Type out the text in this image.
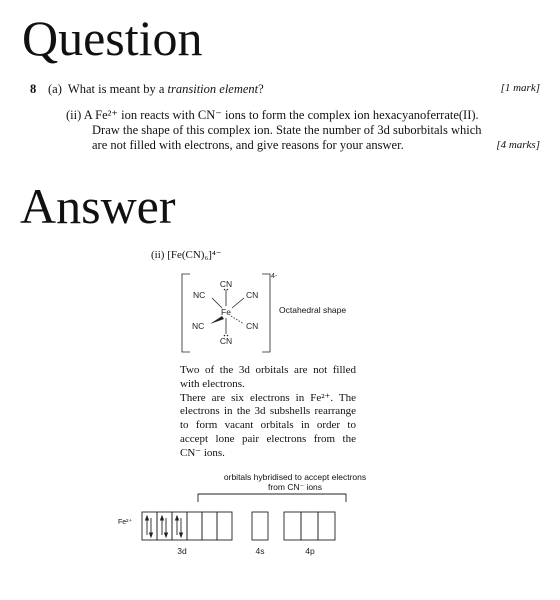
Question
8 (a) What is meant by a transition element?	[1 mark]
(ii) A Fe²⁺ ion reacts with CN⁻ ions to form the complex ion hexacyanoferrate(II).
Draw the shape of this complex ion. State the number of 3d suborbitals which
are not filled with electrons, and give reasons for your answer.	[4 marks]
Answer
(ii) [Fe(CN)₆]⁴⁻
4-
CN
CN
NC	CN
NC	CN
Fe	Octahedral shape
Two of the 3d orbitals are not filled with electrons.
There are six electrons in Fe²⁺. The electrons in the 3d subshells rearrange to form vacant orbitals in order to accept lone pair electrons from the CN⁻ ions.
orbitals hybridised to accept electrons from CN⁻ ions
3d	4s	4p
Fe²⁺
